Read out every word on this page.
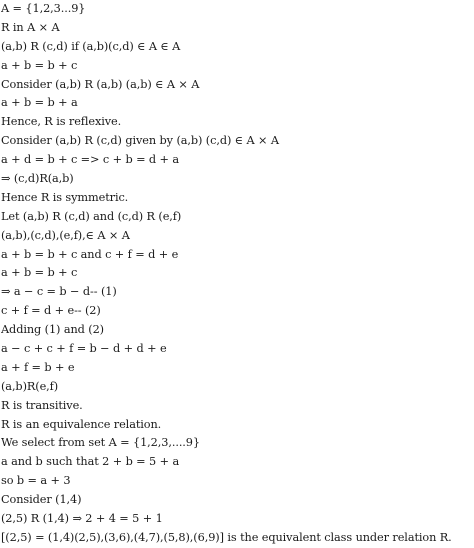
A = {1,2,3...9}
R in A × A
(a,b) R (c,d) if (a,b)(c,d) ∈ A ∈ A
a + b = b + c
Consider (a,b) R (a,b) (a,b) ∈ A × A
a + b = b + a
Hence, R is reflexive.
Consider (a,b) R (c,d) given by (a,b) (c,d) ∈ A × A
a + d = b + c => c + b = d + a
⇒ (c,d)R(a,b)
Hence R is symmetric.
Let (a,b) R (c,d) and (c,d) R (e,f)
(a,b),(c,d),(e,f),∈ A × A
a + b = b + c and c + f = d + e
a + b = b + c
⇒ a − c = b − d-- (1)
c + f = d + e-- (2)
Adding (1) and (2)
a − c + c + f = b − d + d + e
a + f = b + e
(a,b)R(e,f)
R is transitive.
R is an equivalence relation.
We select from set A = {1,2,3,....9}
a and b such that 2 + b = 5 + a
so b = a + 3
Consider (1,4)
(2,5) R (1,4) ⇒ 2 + 4 = 5 + 1
[(2,5) = (1,4)(2,5),(3,6),(4,7),(5,8),(6,9)] is the equivalent class under relation R.
